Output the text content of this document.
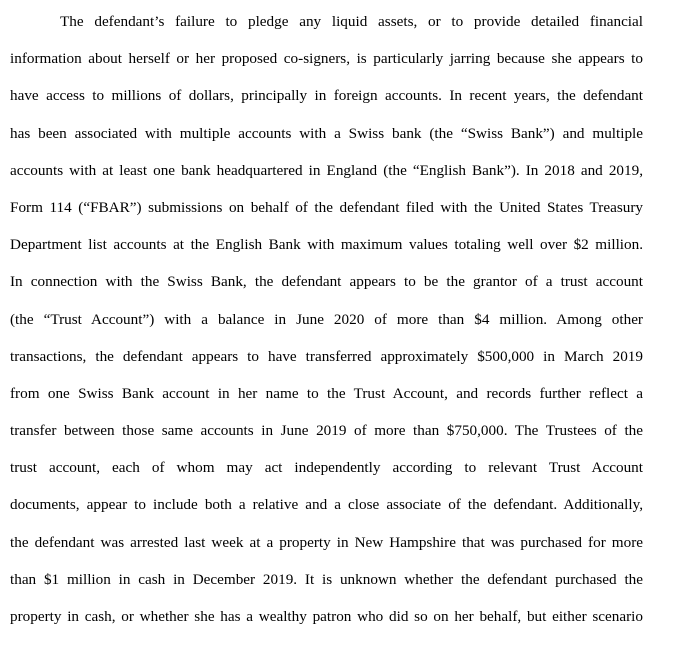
The defendant’s failure to pledge any liquid assets, or to provide detailed financial
information about herself or her proposed co-signers, is particularly jarring because she appears to
have access to millions of dollars, principally in foreign accounts. In recent years, the defendant
has been associated with multiple accounts with a Swiss bank (the “Swiss Bank”) and multiple
accounts with at least one bank headquartered in England (the “English Bank”). In 2018 and 2019,
Form 114 (“FBAR”) submissions on behalf of the defendant filed with the United States Treasury
Department list accounts at the English Bank with maximum values totaling well over $2 million.
In connection with the Swiss Bank, the defendant appears to be the grantor of a trust account
(the “Trust Account”) with a balance in June 2020 of more than $4 million. Among other
transactions, the defendant appears to have transferred approximately $500,000 in March 2019
from one Swiss Bank account in her name to the Trust Account, and records further reflect a
transfer between those same accounts in June 2019 of more than $750,000. The Trustees of the
trust account, each of whom may act independently according to relevant Trust Account
documents, appear to include both a relative and a close associate of the defendant. Additionally,
the defendant was arrested last week at a property in New Hampshire that was purchased for more
than $1 million in cash in December 2019. It is unknown whether the defendant purchased the
property in cash, or whether she has a wealthy patron who did so on her behalf, but either scenario
